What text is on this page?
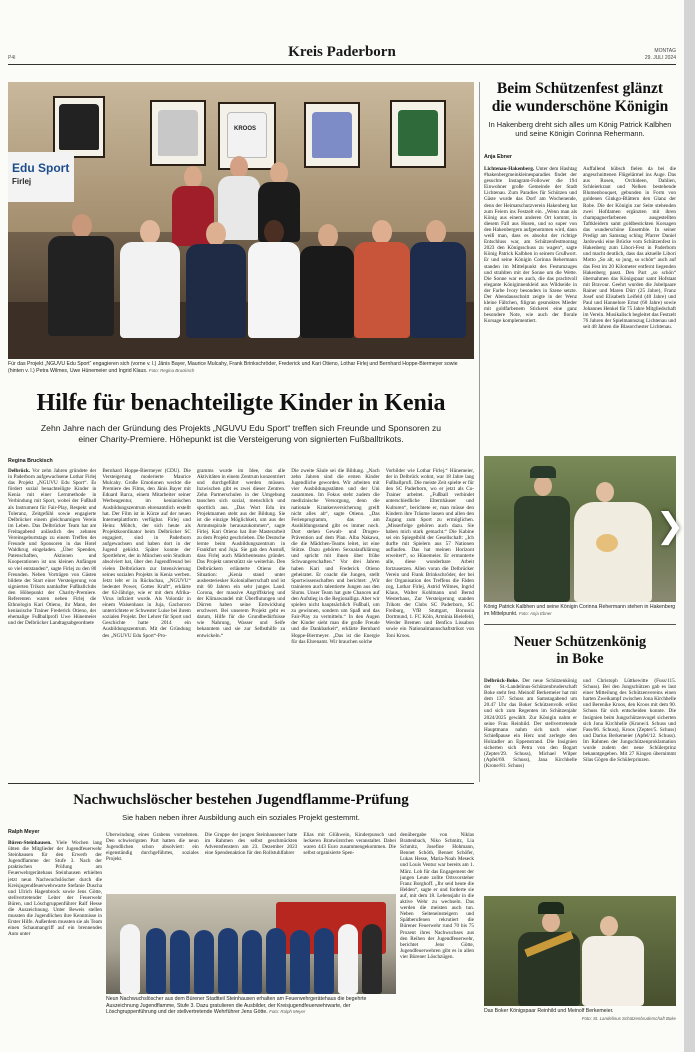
P4I	Kreis Paderborn	MONTAG
29. JULI 2024
KROOS
Edu Sport
Firlej
Für das Projekt „NGUVU Edu Sport“ engagieren sich (vorne v. l.) Jānis Bayer, Maurice Mulcahy, Frank Brinkschröder, Frederick und Kari Otieno, Lothar Firlej und Bernhard Hoppe-Biermeyer sowie (hinten v. l.) Petra Wilmes, Uwe Hünemeier und Ingrid Klaus. Foto: Regina Bruckisch
Hilfe für benachteiligte Kinder in Kenia
Zehn Jahre nach der Gründung des Projekts „NGUVU Edu Sport“ treffen sich Freunde und Sponsoren zu einer Charity-Premiere. Höhepunkt ist die Versteigerung von signierten Fußballtrikots.
Regina Bruckisch

Delbrück. Vor zehn Jahren gründete der in Paderborn aufgewachsene Lothar Firlej das Projekt „NGUVU Edu Sport“. Es fördert sozial benachteiligte Kinder in Kenia mit einer Lernmethode in Verbindung mit Sport, wobei der Fußball als Instrument für Fair-Play, Respekt und Toleranz, Zeitgefühl sowie engagierte Delbrücker einem gleichnamigen Verein im Leben. Das Delbrücker Team hat am Freitagabend anlässlich des zehnten Vereinsgeburtstags zu einem Treffen der Freunde und Sponsoren in das Hotel Waldkrug eingeladen. „Über Spenden, Patenschaften, Aktionen und Kooperationen ist uns kleinen Anfängen so viel entstanden“, sagte Firlej zu den 80 Freunden. Neben Vorträgen von Gästen bildete der Start einer Versteigerung von signierten Trikots namhafter Fußballclubs den Höhepunkt der Charity-Premiere. Referenten waren neben Firlej die Ethnologin Kari Otieno, ihr Mann, der keniasische Trainer Frederick Otieno, der ehemalige Fußballprofi Uwe Hünemeier und der Delbrücker Landtagsabgeordnete

Bernhard Hoppe-Biermeyer (CDU). Die Versteigerung moderierte Maurice Mulcahy. Große Emotionen weckte die Premiere des Films, den Jānis Bayer mit Eduard Barca, einem Mitarbeiter seiner Werbeagentur, im kenianischen Ausbildungszentrum ehrenamtlich erstellt hat. Der Film ist in Kürze auf der neuen Internetplattform verfügbar. Firlej und Heinz Möltch, der sich heute als Projektkoordinator beim Delbrücker SC engagiert, sind in Paderborn aufgewachsen und haben dort in der Jugend gekickt. Später konnte der Sportlehrer, der in München sein Studium absolviert hat, über den Jugendfreund bei vielen Delbrückern zur Intensivierung seines sozialen Projekts in Kenia werben. Jetzt lebt er in Rückschau, „NGUVU“ bedeutet Power, Gottes Kraft“, erklärte der 62-Jährige, wie er mit dem Afrika-Virus infiziert wurde. Als Volontär in einem Waisenhaus in Juja, Gachororo unterrichtete er Schwester Luise bei ihrem sozialen Projekt. Der Lehrer für Sport und Geschichte hatte 2014 ein Ausbildungszentrum. Mit der Gründung des „NGUVU Edu Sport“-Pro-

gramms wurde im Idee, das alle Aktivitäten in einem Zentrum konzentriert und durchgeführt werden müssen. Inzwischen gibt es zwei dieser Zentren. Zehn Partnerschulen in der Umgebung tauschen sich sozial, menschlich und sportlich aus. „Das Wort Edu im Projektnamen steht aus der Bildung. Sie ist die einzige Möglichkeit, um aus der Armutsspirale herauszukommen“, sagte Firlej. Kari Otieno hat ihre Masterarbeit zu dem Projekt geschrieben. Die Deutsche lernte beim Ausbildungszentrum in Frankfurt und Juja. Sie gab den Anstoß, dass Firlej auch Mädchenteams gründet. Das Projekt unterstützt sie weiterhin. Den Delbrückern erläuterte Otieno die Situation: „Kenia stand unter ausbesteriesker Kolonialherrschaft und ist mit 60 Jahren ein sehr junges Land. Corona, der massive Angriffskrieg und der Klimawandel mit Überflutungen und Dürren haben seine Entwicklung erschwert. Bei unserem Projekt geht es darum, Hilfe für die Grundbedürfnisse wie Nahrung, Wasser und Seife bekanntem und sie zur Selbsthilfe zu entwickeln.“

Die zweite Säule sei die Bildung. „Nach zehn Jahren sind die ersten Kinder Jugendliche geworden. Wir arbeiten mit vier Ausbildungsstätten und der Uni zusammen. Im Fokus steht zudem die medizinische Versorgung, denn die nationale Krankenversicherung greift nicht alles ab“, sagte Otieno. „Das Ferienprogramm, das am Ausbildungsstand gibt es immer noch. Dort stehen Gewalt- und Drogen-Prävention auf dem Plan. Alba Nakawa, die die Mädchen-Teams leitet, ist eine Stütze. Dazu gehören Sexualaufklärung und spricht mit ihnen über frühe Schwangerschaften.“ Vor drei Jahren haben Kari und Frederick Otieno geheiratet. Er coacht die Jungen, stellt Sportwissenschaften und berichtet: „Wir trainieren auch talentierte Jungen aus den Slums. Unser Team hat gute Chancen auf den Aufstieg in die Regionalliga. Aber wir spielen nicht hauptsächlich Fußball, um zu gewinnen, sondern um Spaß und das Fair-Play zu vermitteln.“ In den Augen der Kinder sieht man die große Freude und die Dankbarkeit“, erklärte Bernhard Hoppe-Biermeyer. „Das ist die Energie für das Ehrenamt. Wir brauchen solche

Vorbilder wie Lothar Firlej.“ Hünemeier, der in Delbrück wohnt, war 18 Jahre lang Fußballprofi. Die meiste Zeit spielte er für den SC Paderborn, wo er jetzt als Co-Trainer arbeitet. „Fußball verbindet unterschiedliche Elternhäuser und Kulturen“, berichtete er, man müsse den Kindern ihre Träume lassen und allen den Zugang zum Sport zu ermöglichen. „Misserfolge gehören auch dazu. Sie haben mich stark gemacht.“ Die Kabine sei ein Spiegelbild der Gesellschaft: „Ich durfte mit Spielern aus 57 Nationen auflaufen. Das hat meinen Horizont erweitert“, so Hünemeier. Er ermunterte alle, diese wunderbare Arbeit fortzusetzen. Allen voran die Delbrücker Verein und Frank Brinkschröder, der bei der Organisation des Treffens die Fäden zog, Lothar Firlej, Astrid Wilmes, Ingrid Klaus, Walter Kohlmann und Bernd Westerhaus, Zur Versteigerung standen Trikots der Clubs SC Paderborn, SC Freiburg, VfB Stuttgart, Borussia Dortmund, 1. FC Köln, Arminia Bielefeld, Werder Bremen und Benfica Lissabon sowie ein Nationalmannschaftstrikot von Toni Kroos.

Beim Schützenfest glänzt
die wunderschöne Königin
In Hakenberg dreht sich alles um König Patrick Kalbhen und seine Königin Corinna Rehermann.
Anja Ebner

Lichtenau-Hakenberg. Unter dem Hashtag #hakenbergmeinkleinesparadies findet der gesuchte Instagram-Follower die 194 Einwohner große Gemeinde der Stadt Lichtenau. Zum Paradies für Schützen und Gäste wurde das Dorf am Wochenende, denn der Heimatschutzverein Hakenberg hat zum Feiern ins Festzelt ein. „Wenn man als König aus einem anderen Ort kommt, in diesem Fall aus Husen, und so super von den Hakenbergern aufgenommen wird, dann weiß man, dass es absolut der richtige Entschluss war, am Schützenfestmontag 2023 den Königsschuss zu wagen“, sagte König Patrick Kalbhen in seinem Grußwort. Er und seine Königin Corinna Rehermann standen im Mittelpunkt des Festumzuges und strahlten mit der Sonne um die Wette. Die Sonne war es auch, die das prachtvoll elegante Königinnenkleid aus Wildseide in der Farbe Ivory besonders in Szene setzte. Der Abendausschnitt zeigte in der Wenz kleine Fältchen, filigran gesmoktes Mieder mit goldfarbenem Stickerei eine ganz besondere Note, wie auch der florale Korsage komplementiert.

Auffallend hübsch fielen da bei die angeschnittenen Flügelärmel ins Auge. Das aus Rosen, Orchideen, Dahlien, Schleierkraut und Nelken bestehende Blumenbouquet, gebunden in Form von goldenen Ginkgo-Blättern den Glanz der Robe. Die der Königin zur Seite stehenden zwei Hofdamen ergänzten mit ihren champagnerfarbenen ausgestellten Taftkleidern samt goldbestickten Korsagen das wunderschöne Ensemble. In seiner Predigt am Samstag schlug Pfarrer Daniel Jardowski eine Brücke vom Schützenfest in Hakenberg zum Libori-Fest in Paderborn und macht deutlich, dass das aktuelle Libori Motto „So alt, so jung, so schön“ auch auf das Fest im 20 Kilometer entfernt liegenden Hakenberg passt. Den Part „so schön“ übernahmen das Königspaar samt Hofstaat mit Bravour. Geehrt wurden die Jubelpaare Rainer und Maren Dürr (25 Jahre), Franz Josef und Elisabeth Leifeld (40 Jahre) und Paul und Hannelore Ernst (60 Jahre) sowie Johannes Henkel für 75 Jahre Mitgliedschaft im Verein. Musikalisch begleitet das Festzelt 76 Jahren der Spielmannszug Lichtenau und seit 48 Jahren die Blasorchester Lichtenau.

König Patrick Kalbhen und seine Königin Corinna Rehermann stehen in Hakenberg im Mittelpunkt. Foto: Anja Ebner
Neuer Schützenkönig
in Boke

Delbrück-Boke. Der neue Schützenkönig der St.-Landelinus-Schützenbruderschaft Boke steht fest. Meinolf Berkemeier hat mit dem 137. Schuss am Samstagabend um 20.47 Uhr das Boker Schützenvolk erlöst und sich zum Regenten im Schützenjahr 2024/2025 gewählt. Zur Königin nahm er seine Frau Reinhild. Der stellvertretende Hauptmann nahm sich nach einer Schießpause ein Herz und zerlegte den Holzadler an Eppenstrand. Die Insignien sicherten sich Petra von den Bogart (Zepter/29. Schuss), Michael Wilper (Apfel/69. Schuss), Jana Kirchhelle (Krone/81. Schuss)

und Christoph Lüttkewitte (Fuss/115. Schuss). Bei den Jungschützen gab es laut einer Mitteilung des Schützenvereins einen harten Zweikampf zwischen Jona Kirchhelle und Berenike Kroos, den Kroos mit dem 90. Schuss für sich entscheiden konnte. Die Insignien beim Jungschützenvogel sicherten sich Jona Kirchhelle (Krone/4. Schuss und Fass/66. Schuss), Kroos (Zepter/5. Schuss) und Darius Berkemeier (Apfel/12. Schuss). Im Rahmen der Jungschützenproklamation wurde zudem der neue Schülerprinz bekanntgegeben. Mit 27 Kingen übernimmt Silas Gögen die Schülerprinzen.

Das Boker Königspaar Reinhild und Meinolf Berkemeier.
Foto: St. Landelinus Schützenbruderschaft Boke
Nachwuchslöscher bestehen Jugendflamme-Prüfung
Sie haben neben ihrer Ausbildung auch ein soziales Projekt gestemmt.
Ralph Meyer

Büren-Steinhausen. Viele Wochen lang übten die Mitglieder der Jugendfeuerwehr Steinhausen für den Erwerb der Jugendflamme der Stufe 3. Nach der praktischen Prüfung am Feuerwehrgerätehaus Steinhausen erhielten jetzt neun Nachwuchslöscher durch die Kreisjugendfeuerwehrwarte Stefanie Duscha und Ulrich Hagenbrock sowie Jens Götte, stellvertretender Leiter der Feuerwehr Büren, und Löschgruppenführer Ralf Hesse die Auszeichnung. Unter Beweis stellen mussten die Jugendlichen ihre Kenntnisse in Erster Hilfe. Außerdem mussten sie als Team einen Schaumangriff auf ein brennendes Auto unter

Überwindung eines Grabens vornehmen. Den schwierigsten Part hatten die neun Jugendlichen schon absolviert: ein eigenständig durchgeführtes, soziales Projekt.

Die Gruppe der jungen Steinhausener hatte im Rahmen des selbst geschmückten Adventsfenstern am 23. Dezember 2023 eine Spendenaktion für den Rollstuhlfahrer

Elias mit Glühwein, Kinderpunsch und leckeren Bratwürstchen veranstaltet. Dabei waren 443 Euro zusammengekommen. Die selbst organisierte Spen-

denübergabe von Niklas Brattenbach, Niko Schmitz, Lia Schmitz, Josefine Hohmann, Bennet Schöth, Bennet Schöfer, Lukas Hesse, Maria-Noah Meseck und Louis Ventur war bereits am 1. März. Lob für das Engagement der jungen Leute zollte Ortsvorsteher Franz Borghoff. „Ihr seid heute die Helden“, sagte er und forderte sie auf, mit dem 18. Lebensjahr in die aktive Wehr zu wechseln. Das werden die meisten auch tun. Neben Seiteneinsteigern und Spätberufenen rekrutiert die Bürener Feuerwehr rund 70 bis 75 Prozent ihres Nachwuchses aus den Reihen der Jugendfeuerwehr, berichtet Jens Götte, Jugendfeuerwehren gibt es in allen vier Bürener Löschzügen.

Neun Nachwuchslöscher aus dem Bürener Stadtteil Steinhausen erhalten am Feuerwehrgerätehaus die begehrte Auszeichnung Jugendflamme, Stufe 3. Dazu gratulieren die Ausbilder, der Kreisjugendfeuerwehrwarte, der Löschgruppenführung und der stellvertretende Wehrführer Jens Götte. Foto: Ralph Meyer
❯
